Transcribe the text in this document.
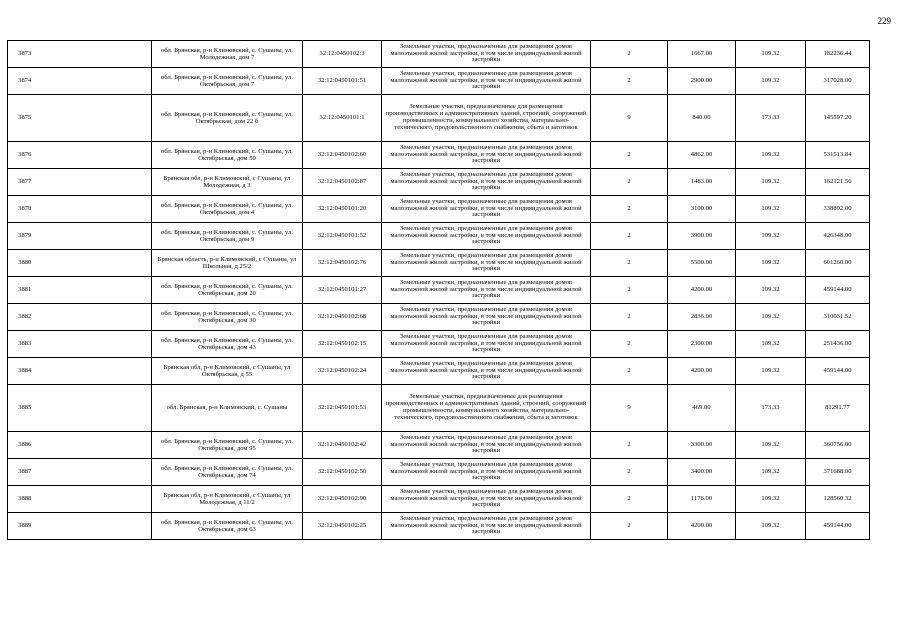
229
3873		обл. Брянская, р-н Климовский, с. Сушаны, ул. Молодежная, дом 7	32:12:0450102:3	Земельные участки, предназначенные для размещения домов малоэтажной жилой застройки, в том числе индивидуальной жилой застройки	2	1667.00	109.32	182236.44
3874		обл. Брянская, р-н Климовский, с. Сушаны, ул. Октябрьская, дом 7	32:12:0450101:51	Земельные участки, предназначенные для размещения домов малоэтажной жилой застройки, в том числе индивидуальной жилой застройки	2	2900.00	109.32	317028.00
3875		обл. Брянская, р-н Климовский, с. Сушаны, ул. Октябрьская, дом 22 б	32:12:0450101:1	Земельные участки, предназначенные для размещения производственных и административных зданий, строений, сооружений промышленности, коммунального хозяйства, материально-технического, продовольственного снабжения, сбыта и заготовок	9	840.00	173.33	145597.20
3876		обл. Брянская, р-н Климовский, с. Сушаны, ул. Октябрьская, дом 50	32:12:0450102:60	Земельные участки, предназначенные для размещения домов малоэтажной жилой застройки, в том числе индивидуальной жилой застройки	2	4862.00	109.32	531513.84
3877		Брянская обл, р-н Климовский, с Сушаны, ул Молодежная, д 3	32:12:0450102:87	Земельные участки, предназначенные для размещения домов малоэтажной жилой застройки, в том числе индивидуальной жилой застройки	2	1483.00	109.32	162121.56
3878		обл. Брянская, р-н Климовский, с. Сушаны, ул. Октябрьская, дом 4	32:12:0450101:20	Земельные участки, предназначенные для размещения домов малоэтажной жилой застройки, в том числе индивидуальной жилой застройки	2	3100.00	109.32	338892.00
3879		обл. Брянская, р-н Климовский, с. Сушаны, ул. Октябрьская, дом 9	32:12:0450101:52	Земельные участки, предназначенные для размещения домов малоэтажной жилой застройки, в том числе индивидуальной жилой застройки	2	3900.00	109.32	426348.00
3880		Брянская область, р-н Климовский, с Сушаны, ул Школьная, д 25/2	32:12:0450102:76	Земельные участки, предназначенные для размещения домов малоэтажной жилой застройки, в том числе индивидуальной жилой застройки	2	5500.00	109.32	601260.00
3881		обл. Брянская, р-н Климовский, с. Сушаны, ул. Октябрьская, дом 20	32:12:0450101:27	Земельные участки, предназначенные для размещения домов малоэтажной жилой застройки, в том числе индивидуальной жилой застройки	2	4200.00	109.32	459144.00
3882		обл. Брянская, р-н Климовский, с. Сушаны, ул. Октябрьская, дом 30	32:12:0450102:68	Земельные участки, предназначенные для размещения домов малоэтажной жилой застройки, в том числе индивидуальной жилой застройки	2	2836.00	109.32	310031.52
3883		обл. Брянская, р-н Климовский, с. Сушаны, ул. Октябрьская, дом 43	32:12:0450102:15	Земельные участки, предназначенные для размещения домов малоэтажной жилой застройки, в том числе индивидуальной жилой застройки	2	2300.00	109.32	251436.00
3884		Брянская обл, р-н Климовский, с Сушаны, ул Октябрьская, д 55	32:12:0450102:24	Земельные участки, предназначенные для размещения домов малоэтажной жилой застройки, в том числе индивидуальной жилой застройки	2	4200.00	109.32	459144.00
3885		обл. Брянская, р-н Климовский, с. Сушаны	32:12:0450101:53	Земельные участки, предназначенные для размещения производственных и административных зданий, строений, сооружений промышленности, коммунального хозяйства, материально-технического, продовольственного снабжения, сбыта и заготовок	9	469.00	173.33	81291.77
3886		обл. Брянская, р-н Климовский, с. Сушаны, ул. Октябрьская, дом 95	32:12:0450102:42	Земельные участки, предназначенные для размещения домов малоэтажной жилой застройки, в том числе индивидуальной жилой застройки	2	3300.00	109.32	360756.00
3887		обл. Брянская, р-н Климовский, с. Сушаны, ул. Октябрьская, дом 74	32:12:0450102:50	Земельные участки, предназначенные для размещения домов малоэтажной жилой застройки, в том числе индивидуальной жилой застройки	2	3400.00	109.32	371688.00
3888		Брянская обл, р-н Климовский, с Сушаны, ул Молодежная, д 11/2	32:12:0450102:90	Земельные участки, предназначенные для размещения домов малоэтажной жилой застройки, в том числе индивидуальной жилой застройки	2	1176.00	109.32	128560.32
3889		обл. Брянская, р-н Климовский, с. Сушаны, ул. Октябрьская, дом 63	32:12:0450102:25	Земельные участки, предназначенные для размещения домов малоэтажной жилой застройки, в том числе индивидуальной жилой застройки	2	4200.00	109.32	459144.00
